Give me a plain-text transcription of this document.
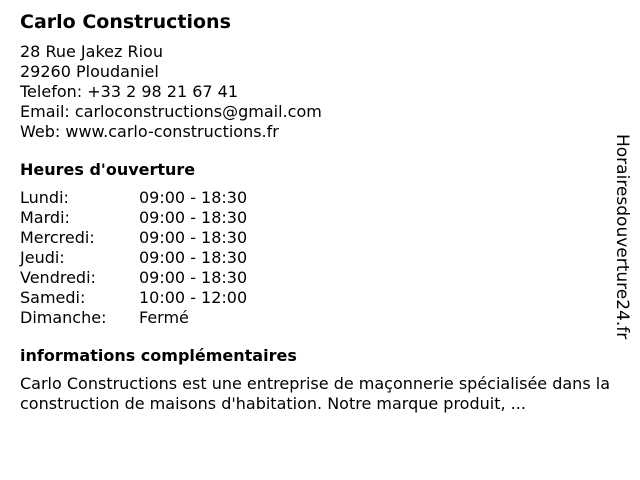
Carlo Constructions
28 Rue Jakez Riou
29260 Ploudaniel
Telefon: +33 2 98 21 67 41
Email: carloconstructions@gmail.com
Web: www.carlo-constructions.fr
Heures d'ouverture
Lundi:	09:00 - 18:30
Mardi:	09:00 - 18:30
Mercredi:	09:00 - 18:30
Jeudi:	09:00 - 18:30
Vendredi:	09:00 - 18:30
Samedi:	10:00 - 12:00
Dimanche:	Fermé
informations complémentaires
Carlo Constructions est une entreprise de maçonnerie spécialisée dans la construction de maisons d'habitation. Notre marque produit, ...
Horairesdouverture24.fr
